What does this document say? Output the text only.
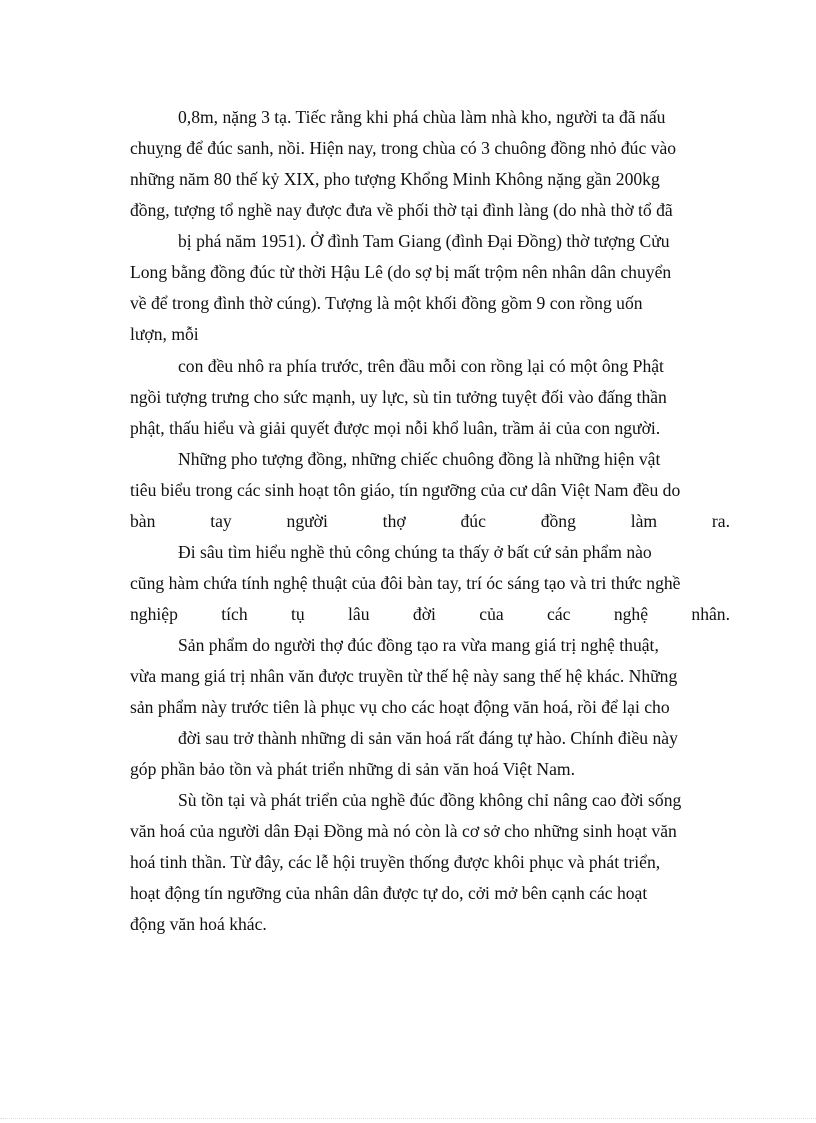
0,8m, nặng 3 tạ. Tiếc rằng khi phá chùa làm nhà kho, người ta đã nấu
chuỵng để đúc sanh, nồi. Hiện nay, trong chùa có 3 chuông đồng nhỏ đúc vào
những năm 80 thế kỷ XIX, pho tượng Khổng Minh Không nặng gần 200kg
đồng, tượng tổ nghề nay được đưa về phối thờ tại đình làng (do nhà thờ tổ đã
bị phá năm 1951). Ở đình Tam Giang (đình Đại Đồng) thờ tượng Cửu
Long bằng đồng đúc từ thời Hậu Lê (do sợ bị mất trộm nên nhân dân chuyển
về để trong đình thờ cúng). Tượng là một khối đồng gồm 9 con rồng uốn
lượn, mỗi
con đều nhô ra phía trước, trên đầu mỗi con rồng lại có một ông Phật
ngồi tượng trưng cho sức mạnh, uy lực, sù tin tưởng tuyệt đối vào đấng thần
phật, thấu hiểu và giải quyết được mọi nỗi khổ luân, trầm ải của con người.
Những pho tượng đồng, những chiếc chuông đồng là những hiện vật
tiêu biểu trong các sinh hoạt tôn giáo, tín ngưỡng của cư dân Việt Nam đều do
bàn tay người thợ đúc đồng làm ra.
Đi sâu tìm hiểu nghề thủ công chúng ta thấy ở bất cứ sản phẩm nào
cũng hàm chứa tính nghệ thuật của đôi bàn tay, trí óc sáng tạo và tri thức nghề
nghiệp tích tụ lâu đời của các nghệ nhân.
Sản phẩm do người thợ đúc đồng tạo ra vừa mang giá trị nghệ thuật,
vừa mang giá trị nhân văn được truyền từ thế hệ này sang thế hệ khác. Những
sản phẩm này trước tiên là phục vụ cho các hoạt động văn hoá, rồi để lại cho
đời sau trở thành những di sản văn hoá rất đáng tự hào. Chính điều này
góp phần bảo tồn và phát triển những di sản văn hoá Việt Nam.
Sù tồn tại và phát triển của nghề đúc đồng không chỉ nâng cao đời sống
văn hoá của người dân Đại Đồng mà nó còn là cơ sở cho những sinh hoạt văn
hoá tinh thần. Từ đây, các lễ hội truyền thống được khôi phục và phát triển,
hoạt động tín ngưỡng của nhân dân được tự do, cởi mở bên cạnh các hoạt
động văn hoá khác.
